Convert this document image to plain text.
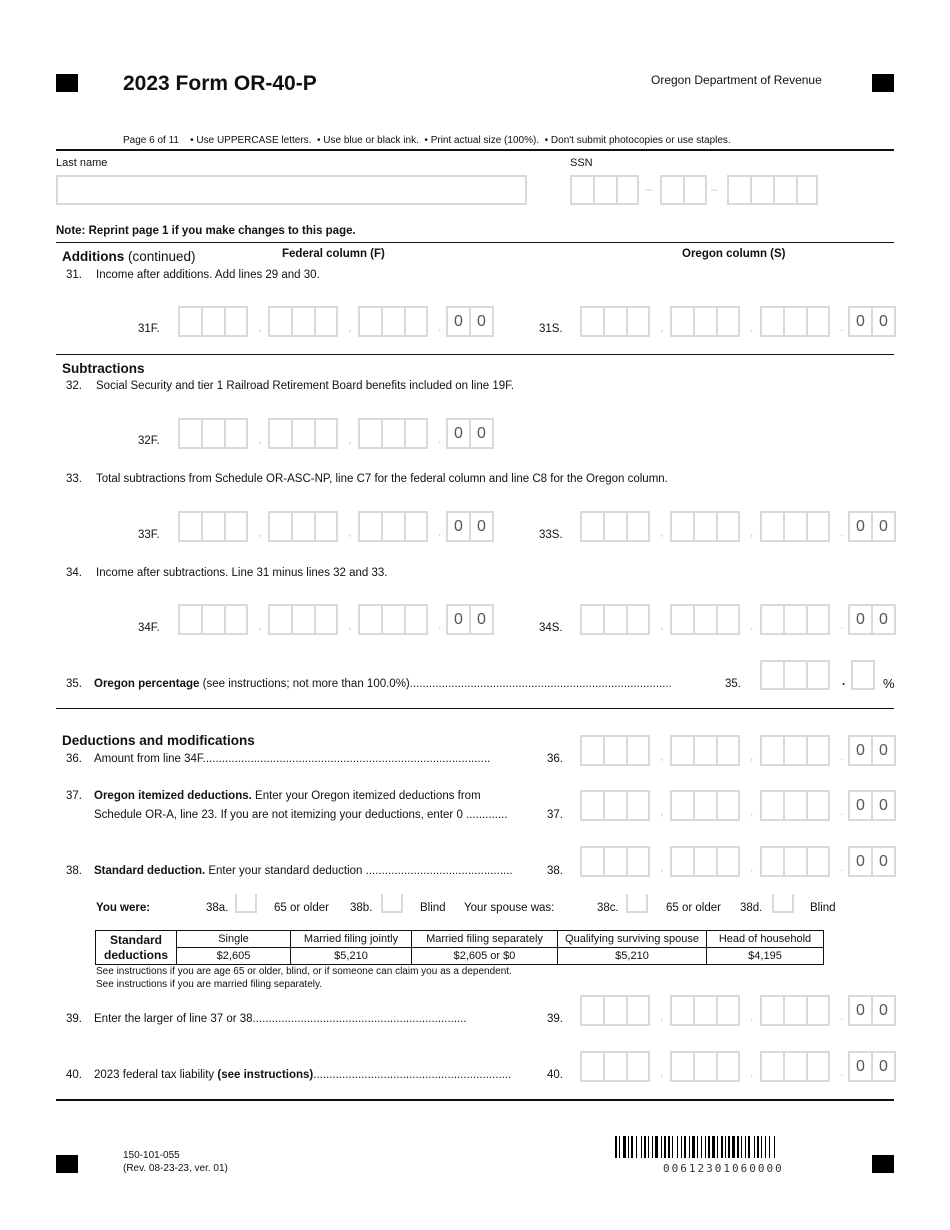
2023 Form OR-40-P	Oregon Department of Revenue
Page 6 of 11 • Use UPPERCASE letters.  • Use blue or black ink.  • Print actual size (100%).  • Don't submit photocopies or use staples.
Last name	SSN
–	–
Note: Reprint page 1 if you make changes to this page.
Additions (continued)	Federal column (F)	Oregon column (S)
31. Income after additions. Add lines 29 and 30.
31F.	,	,	. 0 0	31S.	,	,	. 0 0
Subtractions
32. Social Security and tier 1 Railroad Retirement Board benefits included on line 19F.
32F.	,	,	. 0 0
33. Total subtractions from Schedule OR-ASC-NP, line C7 for the federal column and line C8 for the Oregon column.
33F.	,	,	. 0 0	33S.	,	,	. 0 0
34. Income after subtractions. Line 31 minus lines 32 and 33.
34F.	,	,	. 0 0	34S.	,	,	. 0 0
35. Oregon percentage (see instructions; not more than 100.0%)..................................................................................	35.	.	%
Deductions and modifications
36. Amount from line 34F..........................................................................................	36.	,	,	. 0 0
37. Oregon itemized deductions. Enter your Oregon itemized deductions from
Schedule OR-A, line 23. If you are not itemizing your deductions, enter 0 .............	37.	,	,	. 0 0
38. Standard deduction. Enter your standard deduction ..............................................	38.	,	,	. 0 0
You were:	38a.	65 or older 38b.	Blind Your spouse was:	38c.	65 or older 38d.	Blind
Standard
deductions	Single	Married filing jointly	Married filing separately	Qualifying surviving spouse	Head of household
	$2,605	$5,210	$2,605 or $0	$5,210	$4,195
See instructions if you are age 65 or older, blind, or if someone can claim you as a dependent.
See instructions if you are married filing separately.
39. Enter the larger of line 37 or 38...................................................................	39.	,	,	. 0 0
40. 2023 federal tax liability (see instructions)..............................................................	40.	,	,	. 0 0
150-101-055
(Rev. 08-23-23, ver. 01)	00612301060000
